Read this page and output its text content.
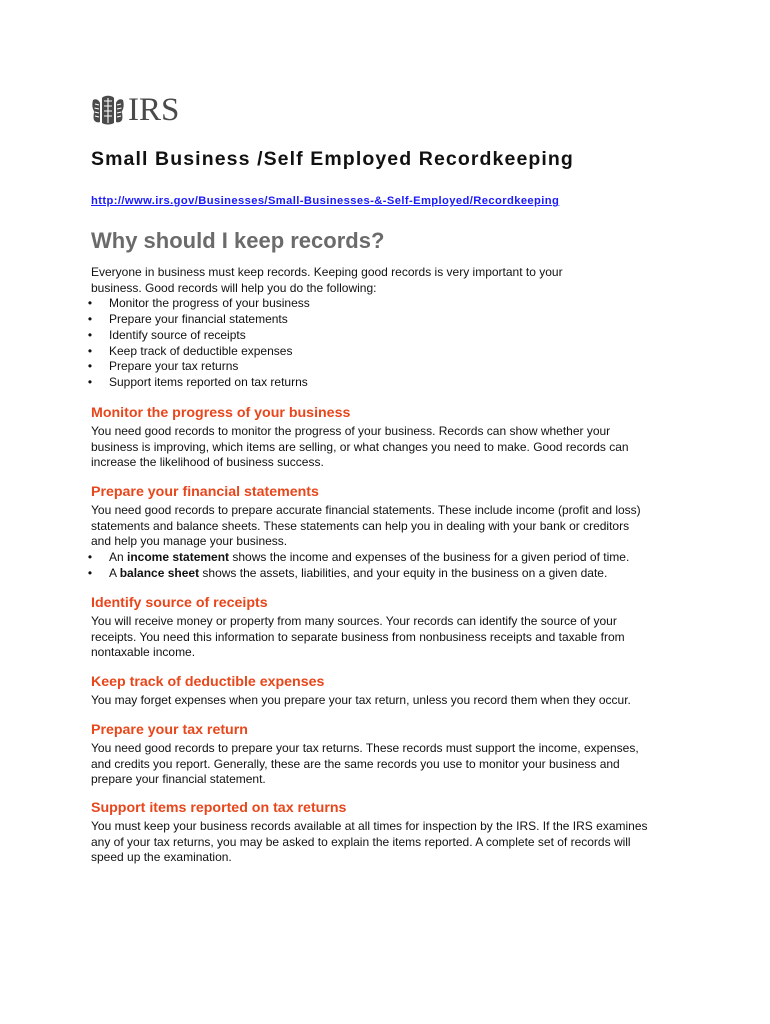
IRS
Small Business /Self Employed Recordkeeping
http://www.irs.gov/Businesses/Small-Businesses-&-Self-Employed/Recordkeeping
Why should I keep records?

Everyone in business must keep records. Keeping good records is very important to your

business. Good records will help you do the following:

• Monitor the progress of your business
• Prepare your financial statements
• Identify source of receipts
• Keep track of deductible expenses
• Prepare your tax returns
• Support items reported on tax returns
Monitor the progress of your business

You need good records to monitor the progress of your business. Records can show whether your

business is improving, which items are selling, or what changes you need to make. Good records can

increase the likelihood of business success.

Prepare your financial statements

You need good records to prepare accurate financial statements. These include income (profit and loss)

statements and balance sheets. These statements can help you in dealing with your bank or creditors

and help you manage your business.

• An income statement shows the income and expenses of the business for a given period of time.
• A balance sheet shows the assets, liabilities, and your equity in the business on a given date.
Identify source of receipts

You will receive money or property from many sources. Your records can identify the source of your

receipts. You need this information to separate business from nonbusiness receipts and taxable from

nontaxable income.

Keep track of deductible expenses

You may forget expenses when you prepare your tax return, unless you record them when they occur.

Prepare your tax return

You need good records to prepare your tax returns. These records must support the income, expenses,

and credits you report. Generally, these are the same records you use to monitor your business and

prepare your financial statement.

Support items reported on tax returns

You must keep your business records available at all times for inspection by the IRS. If the IRS examines

any of your tax returns, you may be asked to explain the items reported. A complete set of records will

speed up the examination.
